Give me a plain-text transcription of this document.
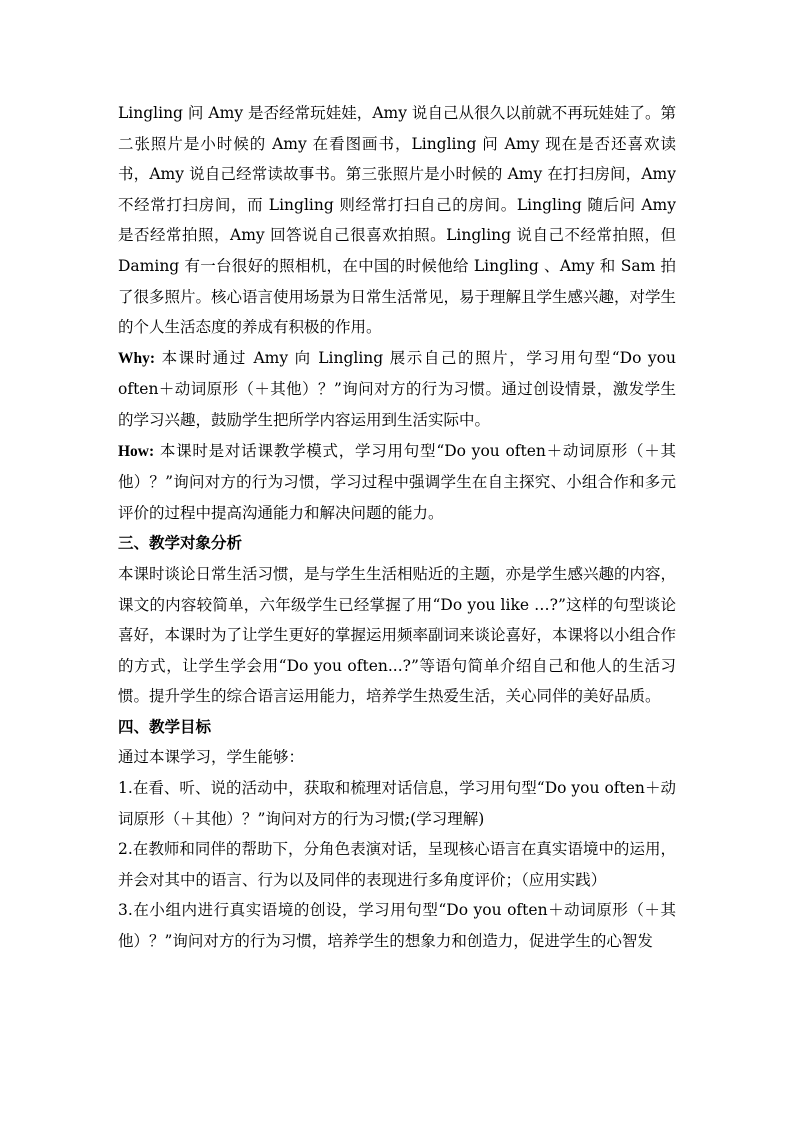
Lingling 问 Amy 是否经常玩娃娃，Amy 说自己从很久以前就不再玩娃娃了。第二张照片是小时候的 Amy 在看图画书，Lingling 问 Amy 现在是否还喜欢读书，Amy 说自己经常读故事书。第三张照片是小时候的 Amy 在打扫房间，Amy 不经常打扫房间，而 Lingling 则经常打扫自己的房间。Lingling 随后问 Amy 是否经常拍照，Amy 回答说自己很喜欢拍照。Lingling 说自己不经常拍照，但 Daming 有一台很好的照相机，在中国的时候他给 Lingling 、Amy 和 Sam 拍了很多照片。核心语言使用场景为日常生活常见，易于理解且学生感兴趣，对学生的个人生活态度的养成有积极的作用。

Why: 本课时通过 Amy 向 Lingling 展示自己的照片，学习用句型“Do you often＋动词原形（＋其他）？”询问对方的行为习惯。通过创设情景，激发学生的学习兴趣，鼓励学生把所学内容运用到生活实际中。

How: 本课时是对话课教学模式，学习用句型“Do you often＋动词原形（＋其他）？”询问对方的行为习惯，学习过程中强调学生在自主探究、小组合作和多元评价的过程中提高沟通能力和解决问题的能力。

三、教学对象分析

本课时谈论日常生活习惯，是与学生生活相贴近的主题，亦是学生感兴趣的内容，课文的内容较简单，六年级学生已经掌握了用“Do you like …?”这样的句型谈论喜好，本课时为了让学生更好的掌握运用频率副词来谈论喜好，本课将以小组合作的方式，让学生学会用“Do you often...?”等语句简单介绍自己和他人的生活习惯。提升学生的综合语言运用能力，培养学生热爱生活，关心同伴的美好品质。

四、教学目标

通过本课学习，学生能够：

1.在看、听、说的活动中，获取和梳理对话信息，学习用句型“Do you often＋动词原形（＋其他）？”询问对方的行为习惯;(学习理解)

2.在教师和同伴的帮助下，分角色表演对话，呈现核心语言在真实语境中的运用，并会对其中的语言、行为以及同伴的表现进行多角度评价；（应用实践）

3.在小组内进行真实语境的创设，学习用句型“Do you often＋动词原形（＋其他）？”询问对方的行为习惯，培养学生的想象力和创造力，促进学生的心智发
